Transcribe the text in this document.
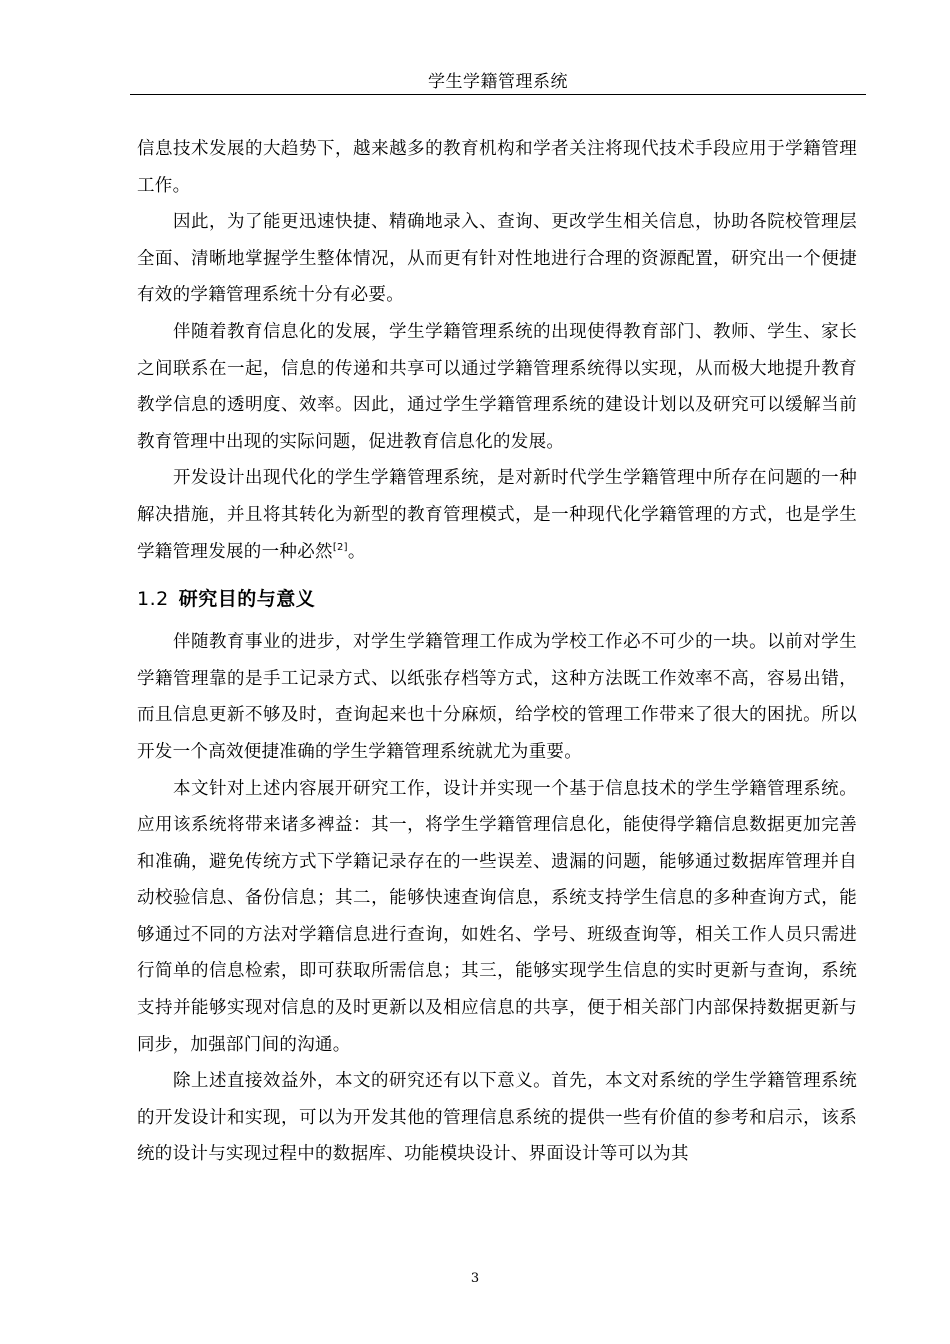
学生学籍管理系统

信息技术发展的大趋势下，越来越多的教育机构和学者关注将现代技术手段应用于学籍管理工作。

因此，为了能更迅速快捷、精确地录入、查询、更改学生相关信息，协助各院校管理层全面、清晰地掌握学生整体情况，从而更有针对性地进行合理的资源配置，研究出一个便捷有效的学籍管理系统十分有必要。

伴随着教育信息化的发展，学生学籍管理系统的出现使得教育部门、教师、学生、家长之间联系在一起，信息的传递和共享可以通过学籍管理系统得以实现，从而极大地提升教育教学信息的透明度、效率。因此，通过学生学籍管理系统的建设计划以及研究可以缓解当前教育管理中出现的实际问题，促进教育信息化的发展。

开发设计出现代化的学生学籍管理系统，是对新时代学生学籍管理中所存在问题的一种解决措施，并且将其转化为新型的教育管理模式，是一种现代化学籍管理的方式，也是学生学籍管理发展的一种必然[2]。

1.2 研究目的与意义

伴随教育事业的进步，对学生学籍管理工作成为学校工作必不可少的一块。以前对学生学籍管理靠的是手工记录方式、以纸张存档等方式，这种方法既工作效率不高，容易出错，而且信息更新不够及时，查询起来也十分麻烦，给学校的管理工作带来了很大的困扰。所以开发一个高效便捷准确的学生学籍管理系统就尤为重要。

本文针对上述内容展开研究工作，设计并实现一个基于信息技术的学生学籍管理系统。应用该系统将带来诸多裨益：其一，将学生学籍管理信息化，能使得学籍信息数据更加完善和准确，避免传统方式下学籍记录存在的一些误差、遗漏的问题，能够通过数据库管理并自动校验信息、备份信息；其二，能够快速查询信息，系统支持学生信息的多种查询方式，能够通过不同的方法对学籍信息进行查询，如姓名、学号、班级查询等，相关工作人员只需进行简单的信息检索，即可获取所需信息；其三，能够实现学生信息的实时更新与查询，系统支持并能够实现对信息的及时更新以及相应信息的共享，便于相关部门内部保持数据更新与同步，加强部门间的沟通。

除上述直接效益外，本文的研究还有以下意义。首先，本文对系统的学生学籍管理系统的开发设计和实现，可以为开发其他的管理信息系统的提供一些有价值的参考和启示，该系统的设计与实现过程中的数据库、功能模块设计、界面设计等可以为其

3
